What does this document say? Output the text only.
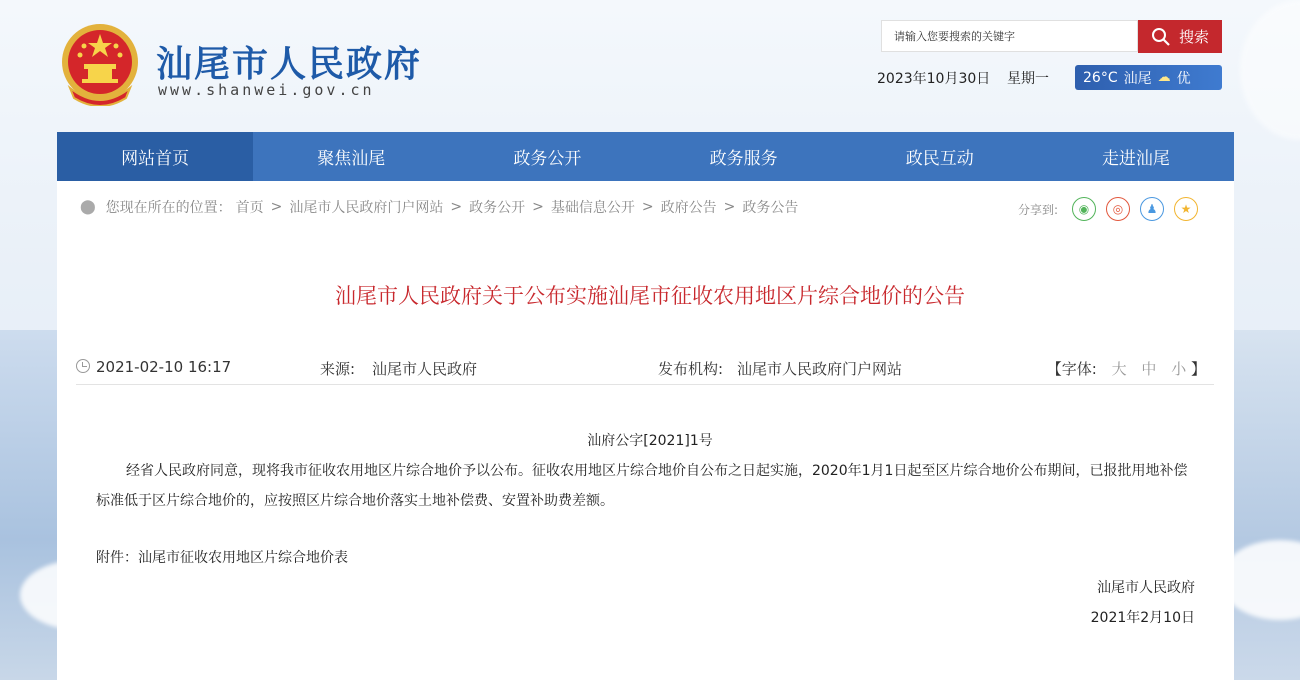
汕尾市人民政府
www.shanwei.gov.cn
请输入您要搜索的关键字
搜索
2023年10月30日 星期一 26°C 汕尾 ☁ 优
网站首页	聚焦汕尾	政务公开	政务服务	政民互动	走进汕尾
⬤ 您现在所在的位置： 首页 > 汕尾市人民政府门户网站 > 政务公开 > 基础信息公开 > 政府公告 > 政务公告	分享到:	◉	◎	♟	★
汕尾市人民政府关于公布实施汕尾市征收农用地区片综合地价的公告
2021-02-10 16:17	来源: 汕尾市人民政府	发布机构: 汕尾市人民政府门户网站	【字体: 大 中 小 】
汕府公字[2021]1号
经省人民政府同意，现将我市征收农用地区片综合地价予以公布。征收农用地区片综合地价自公布之日起实施，2020年1月1日起至区片综合地价公布期间，已报批用地补偿标准低于区片综合地价的，应按照区片综合地价落实土地补偿费、安置补助费差额。
附件：汕尾市征收农用地区片综合地价表
汕尾市人民政府
2021年2月10日
